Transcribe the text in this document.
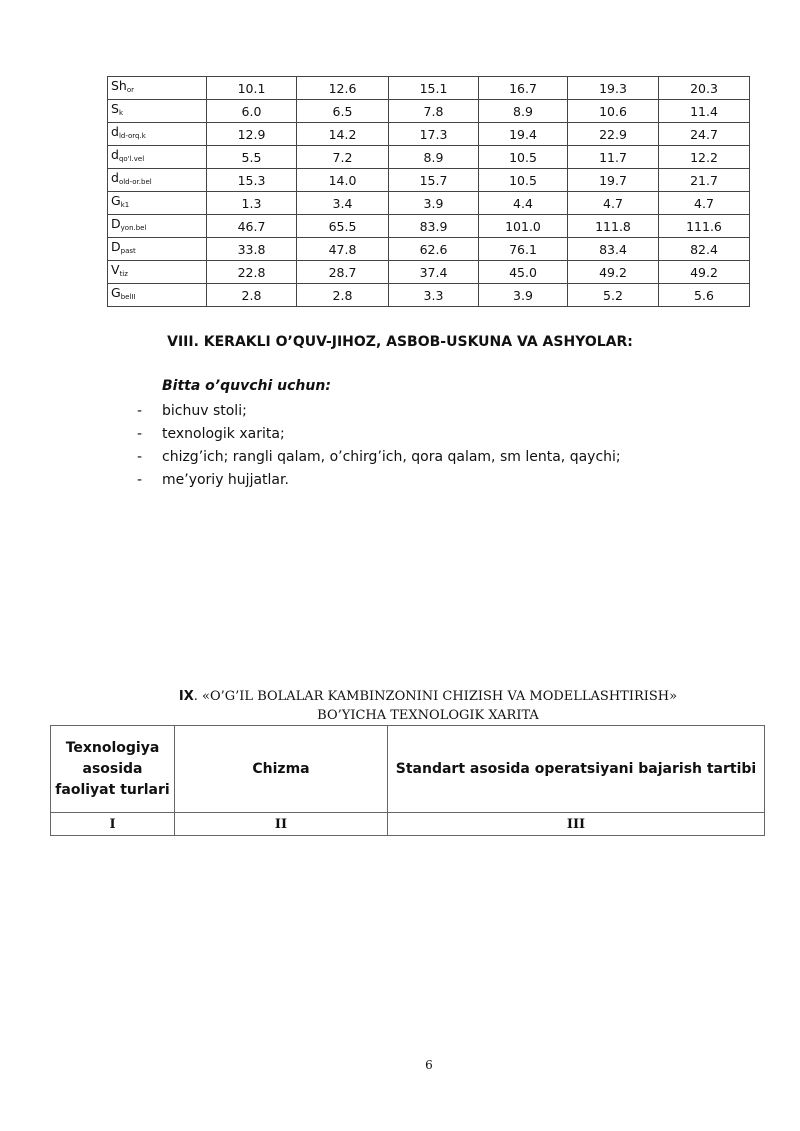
$Sh_{or}$	10.1	12.6	15.1	16.7	19.3	20.3
$S_k$	6.0	6.5	7.8	8.9	10.6	11.4
$d_{ld-orq.k}$	12.9	14.2	17.3	19.4	22.9	24.7
$d_{qo'l.vel}$	5.5	7.2	8.9	10.5	11.7	12.2
$d_{old-or.bel}$	15.3	14.0	15.7	10.5	19.7	21.7
$G_{k1}$	1.3	3.4	3.9	4.4	4.7	4.7
$D_{yon.bel}$	46.7	65.5	83.9	101.0	111.8	111.6
$D_{past}$	33.8	47.8	62.6	76.1	83.4	82.4
$V_{tiz}$	22.8	28.7	37.4	45.0	49.2	49.2
$G_{belII}$	2.8	2.8	3.3	3.9	5.2	5.6
VIII. KERAKLI O’QUV-JIHOZ, ASBOB-USKUNA VA ASHYOLAR:
Bitta o’quvchi uchun:
- bichuv stoli;
- texnologik xarita;
- chizg’ich; rangli qalam, o’chirg’ich, qora qalam, sm lenta, qaychi;
- me’yoriy hujjatlar.
IX. «O’G’IL BOLALAR KAMBINZONINI CHIZISH VA MODELLASHTIRISH»
BO’YICHA TEXNOLOGIK XARITA
Texnologiya asosida faoliyat turlari	Chizma	Standart asosida operatsiyani bajarish tartibi
I	II	III
6
